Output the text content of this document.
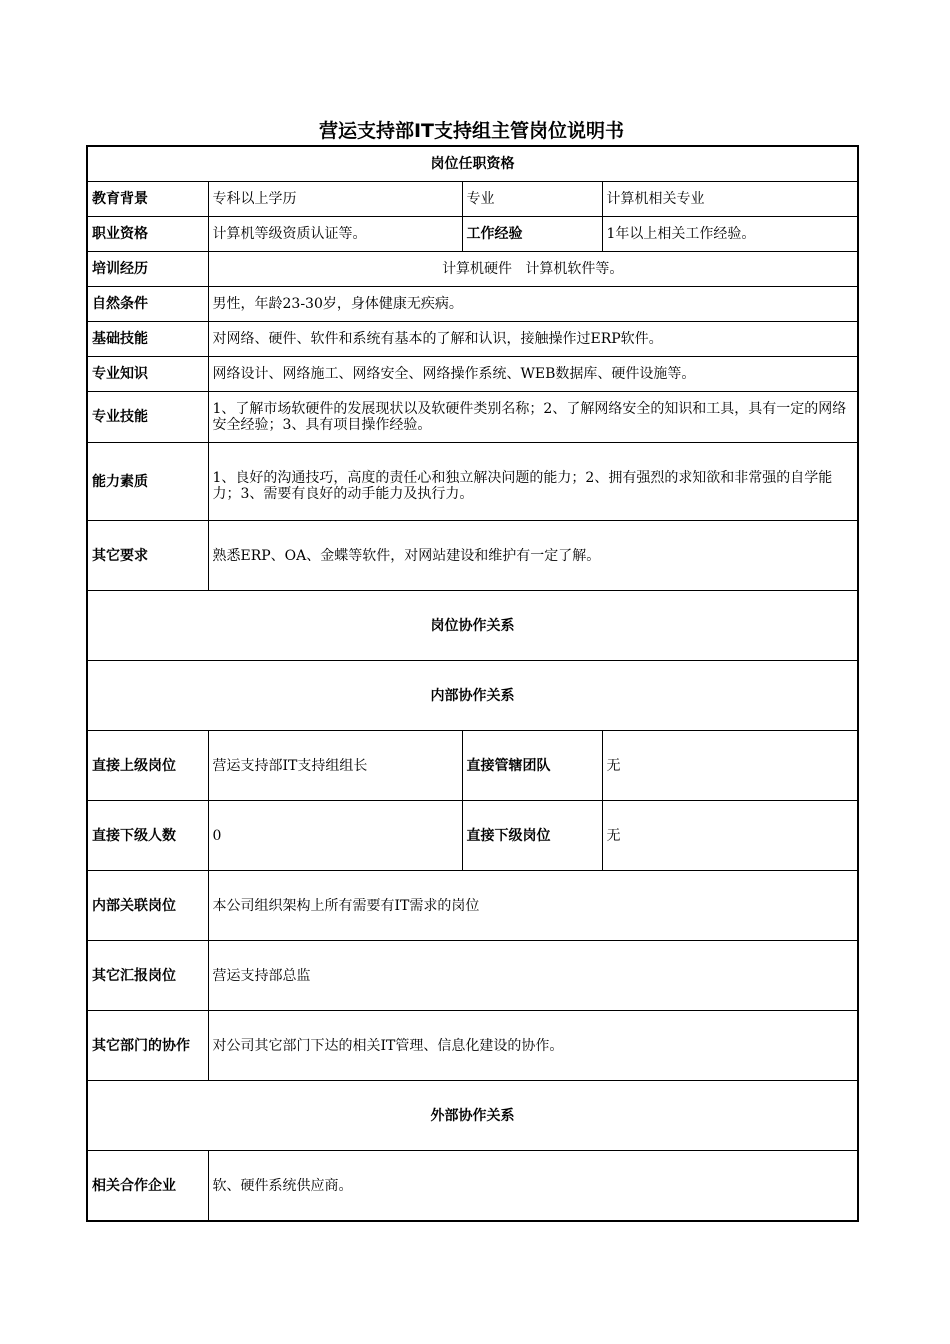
营运支持部IT支持组主管岗位说明书
岗位任职资格			
教育背景	专科以上学历	专业	计算机相关专业
职业资格	计算机等级资质认证等。	工作经验	1年以上相关工作经验。
培训经历	计算机硬件   计算机软件等。		
自然条件	男性，年龄23-30岁，身体健康无疾病。		
基础技能	对网络、硬件、软件和系统有基本的了解和认识，接触操作过ERP软件。		
专业知识	网络设计、网络施工、网络安全、网络操作系统、WEB数据库、硬件设施等。		
专业技能	1、了解市场软硬件的发展现状以及软硬件类别名称；2、了解网络安全的知识和工具，具有一定的网络安全经验；3、具有项目操作经验。		
能力素质	1、良好的沟通技巧，高度的责任心和独立解决问题的能力；2、拥有强烈的求知欲和非常强的自学能力；3、需要有良好的动手能力及执行力。		
其它要求	熟悉ERP、OA、金蝶等软件，对网站建设和维护有一定了解。		
岗位协作关系			
内部协作关系			
直接上级岗位	营运支持部IT支持组组长	直接管辖团队	无
直接下级人数	0	直接下级岗位	无
内部关联岗位	本公司组织架构上所有需要有IT需求的岗位		
其它汇报岗位	营运支持部总监		
其它部门的协作	对公司其它部门下达的相关IT管理、信息化建设的协作。		
外部协作关系			
相关合作企业	软、硬件系统供应商。		
